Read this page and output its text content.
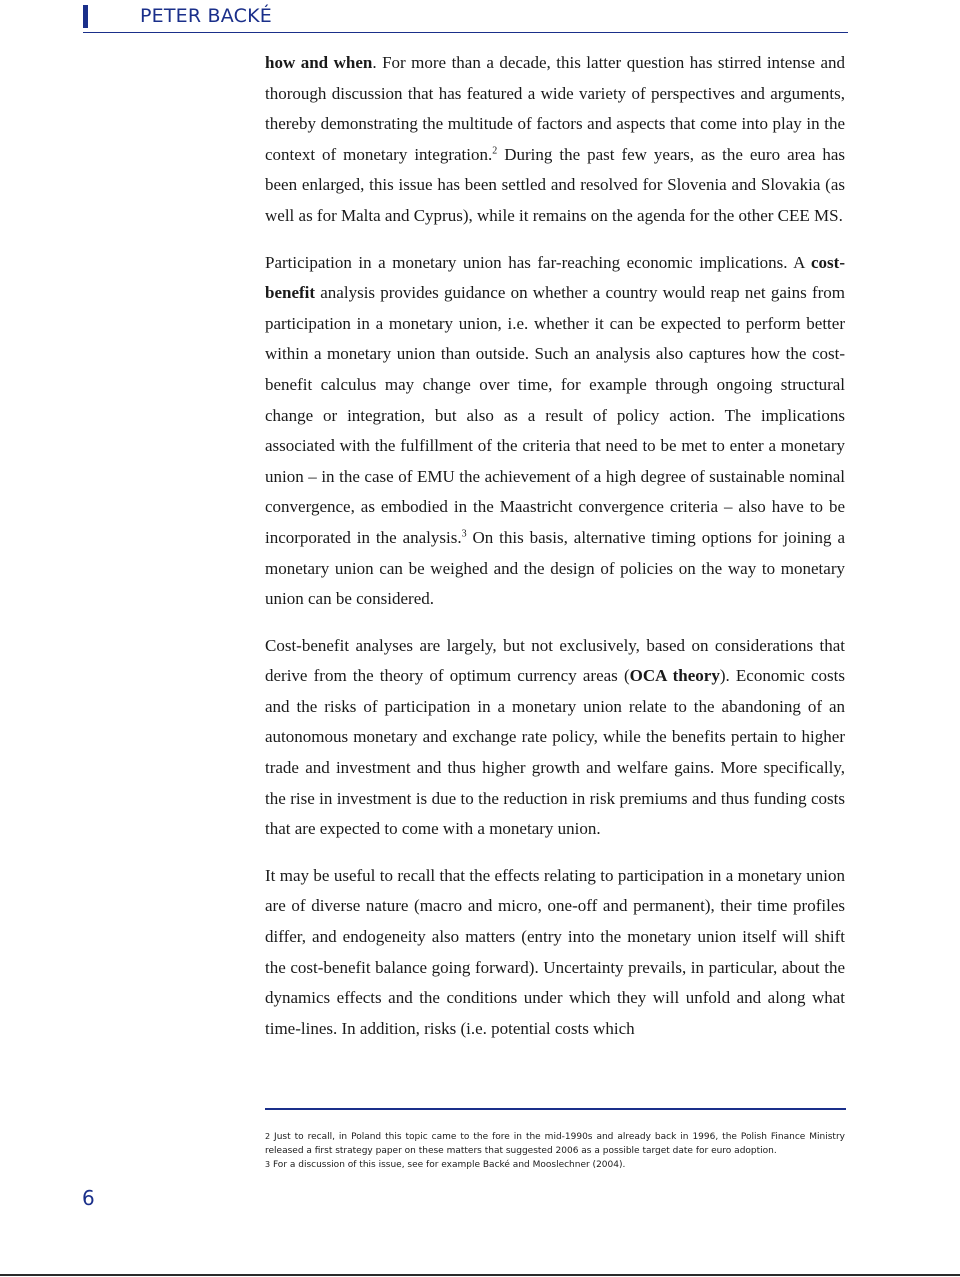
PETER BACKÉ

how and when. For more than a decade, this latter question has stirred intense and thorough discussion that has featured a wide variety of perspectives and arguments, thereby demonstrating the multitude of factors and aspects that come into play in the context of monetary integration.$^2$ During the past few years, as the euro area has been enlarged, this issue has been settled and resolved for Slovenia and Slovakia (as well as for Malta and Cyprus), while it remains on the agenda for the other CEE MS.

Participation in a monetary union has far-reaching economic implications. A cost-benefit analysis provides guidance on whether a country would reap net gains from participation in a monetary union, i.e. whether it can be expected to perform better within a monetary union than outside. Such an analysis also captures how the cost-benefit calculus may change over time, for example through ongoing structural change or integration, but also as a result of policy action. The implications associated with the fulfillment of the criteria that need to be met to enter a monetary union – in the case of EMU the achievement of a high degree of sustainable nominal convergence, as embodied in the Maastricht convergence criteria – also have to be incorporated in the analysis.$^3$ On this basis, alternative timing options for joining a monetary union can be weighed and the design of policies on the way to monetary union can be considered.

Cost-benefit analyses are largely, but not exclusively, based on considerations that derive from the theory of optimum currency areas (OCA theory). Economic costs and the risks of participation in a monetary union relate to the abandoning of an autonomous monetary and exchange rate policy, while the benefits pertain to higher trade and investment and thus higher growth and welfare gains. More specifically, the rise in investment is due to the reduction in risk premiums and thus funding costs that are expected to come with a monetary union.

It may be useful to recall that the effects relating to participation in a monetary union are of diverse nature (macro and micro, one-off and permanent), their time profiles differ, and endogeneity also matters (entry into the monetary union itself will shift the cost-benefit balance going forward). Uncertainty prevails, in particular, about the dynamics effects and the conditions under which they will unfold and along what time-lines. In addition, risks (i.e. potential costs which

2 Just to recall, in Poland this topic came to the fore in the mid-1990s and already back in 1996, the Polish Finance Ministry released a first strategy paper on these matters that suggested 2006 as a possible target date for euro adoption.

3 For a discussion of this issue, see for example Backé and Mooslechner (2004).

6
